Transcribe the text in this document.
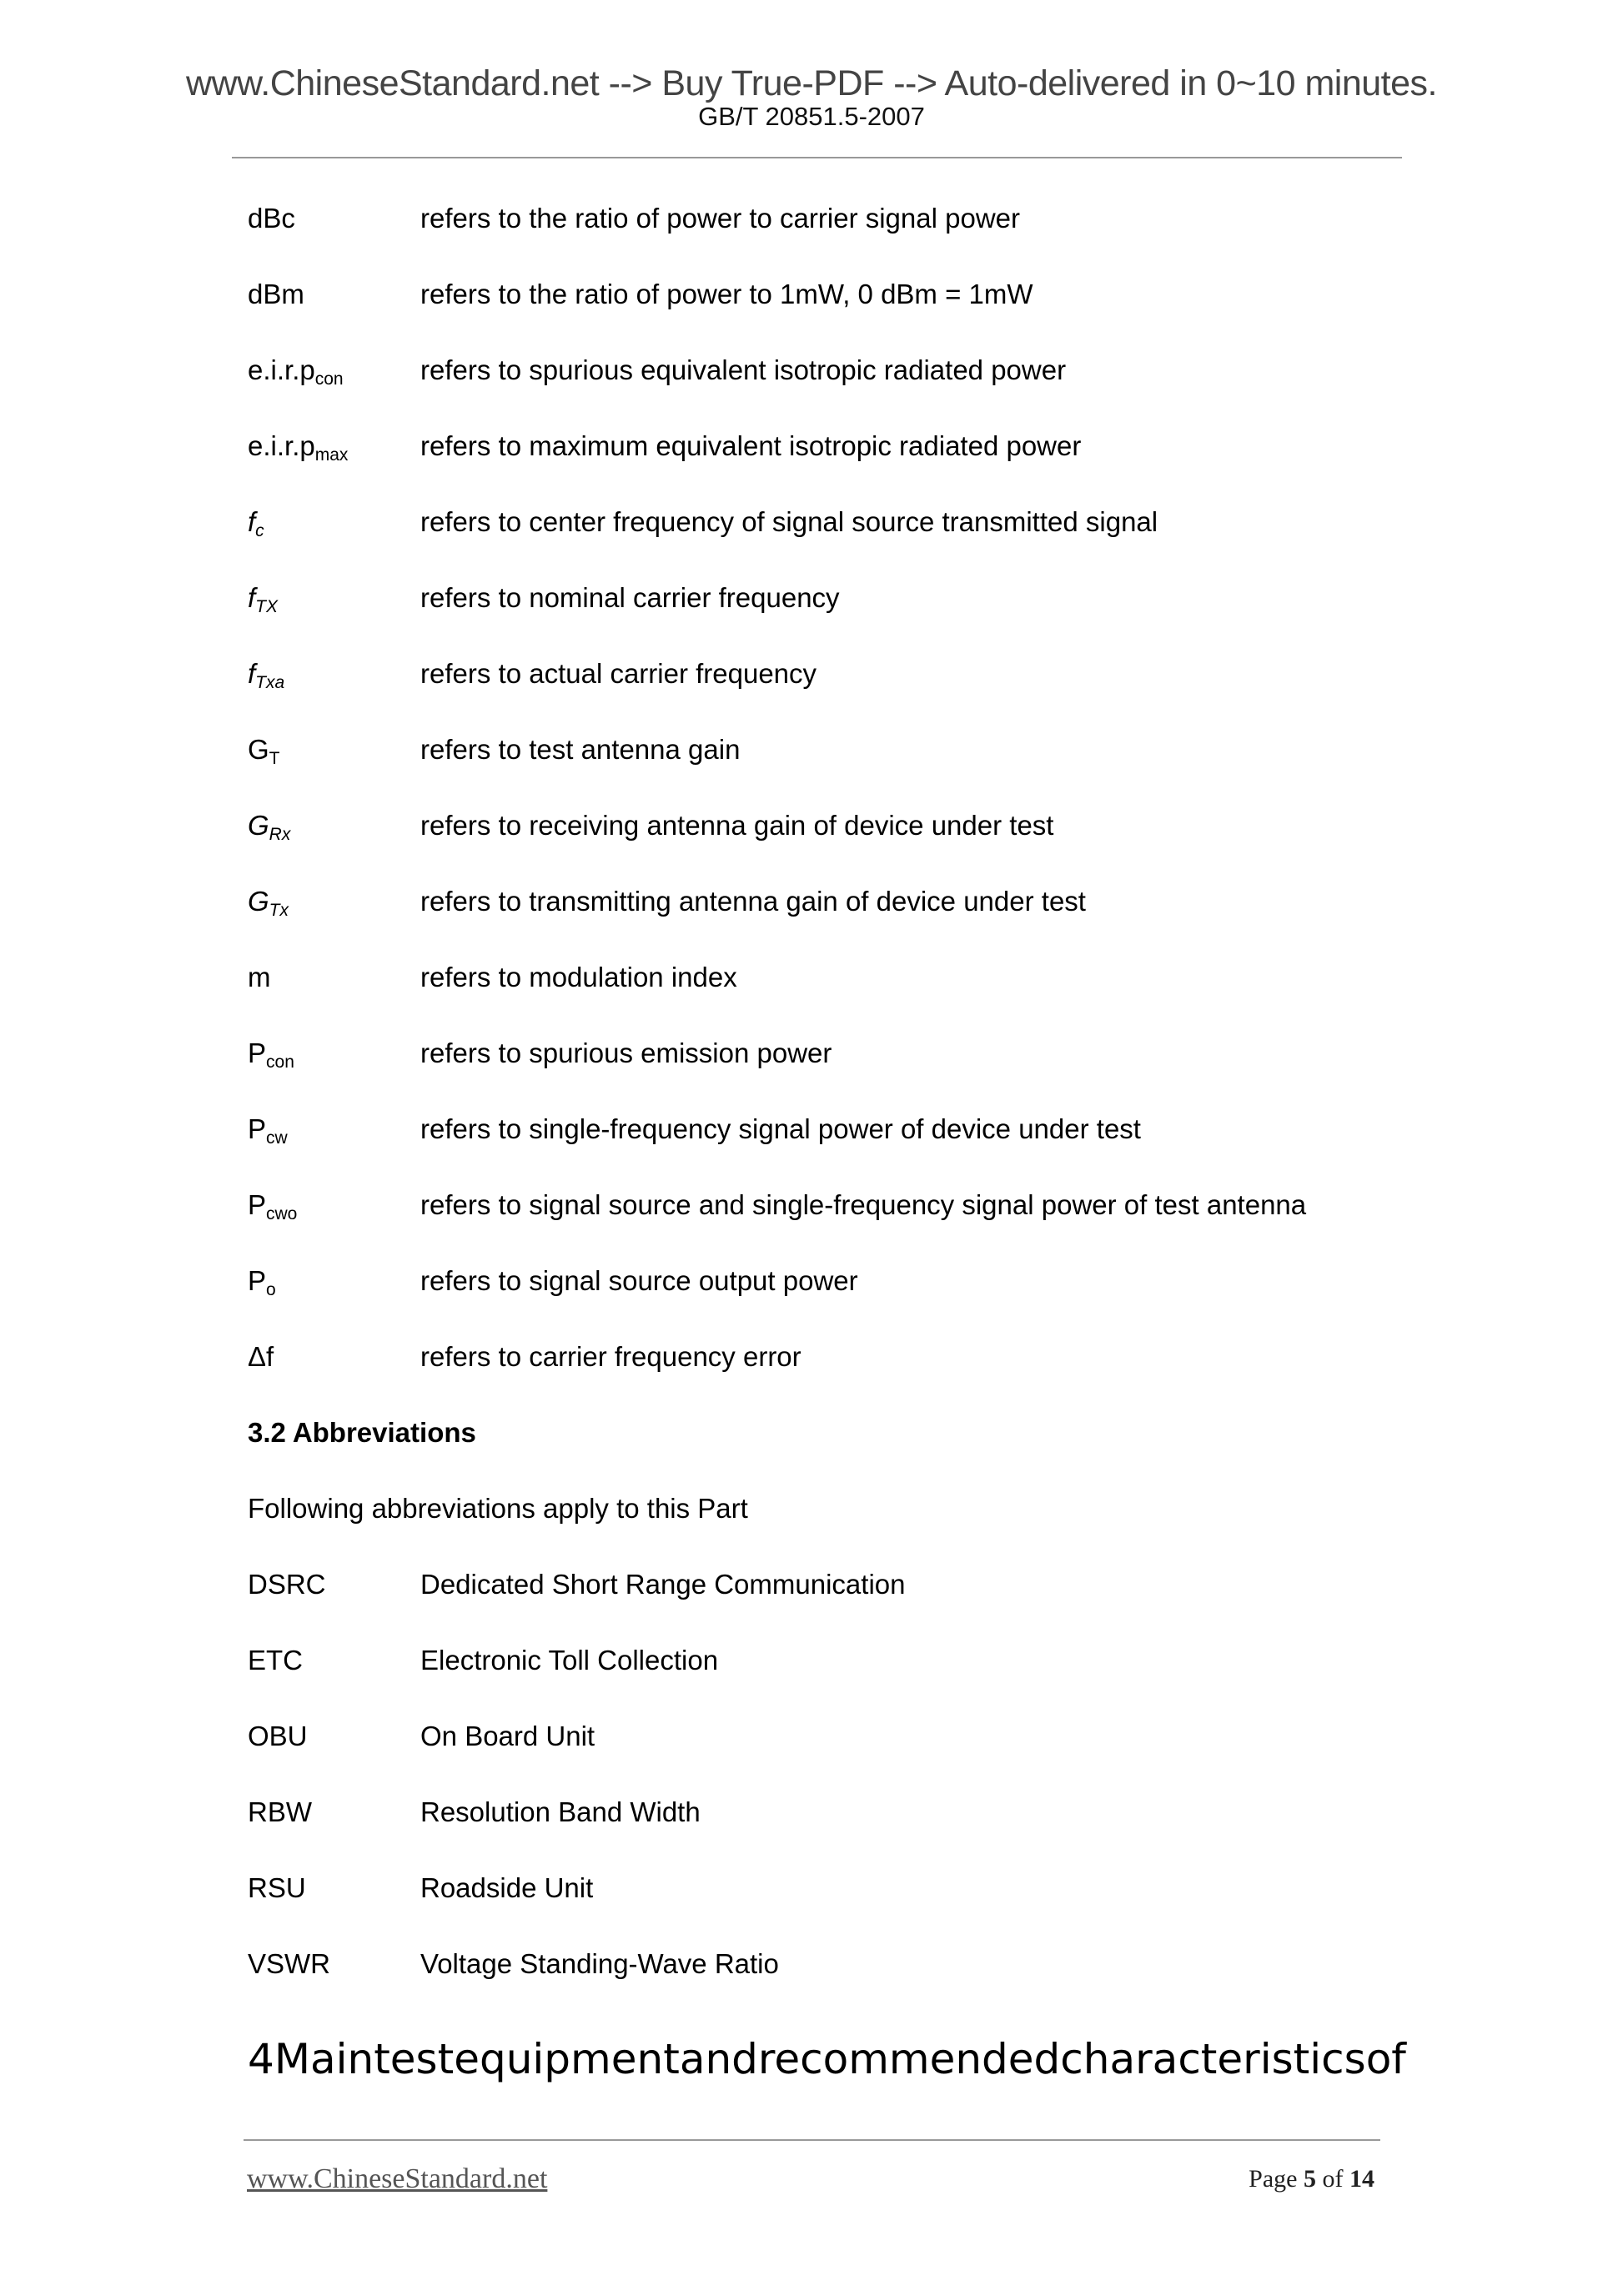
www.ChineseStandard.net --> Buy True-PDF --> Auto-delivered in 0~10 minutes.
GB/T 20851.5-2007
dBc	refers to the ratio of power to carrier signal power
dBm	refers to the ratio of power to 1mW, 0 dBm = 1mW
$e.i.r.p_{con}$	refers to spurious equivalent isotropic radiated power
$e.i.r.p_{max}$	refers to maximum equivalent isotropic radiated power
$f_c$	refers to center frequency of signal source transmitted signal
$f_{TX}$	refers to nominal carrier frequency
$f_{Txa}$	refers to actual carrier frequency
$G_T$	refers to test antenna gain
$G_{Rx}$	refers to receiving antenna gain of device under test
$G_{Tx}$	refers to transmitting antenna gain of device under test
m	refers to modulation index
$P_{con}$	refers to spurious emission power
$P_{cw}$	refers to single-frequency signal power of device under test
$P_{cwo}$	refers to signal source and single-frequency signal power of test antenna
$P_o$	refers to signal source output power
Δf	refers to carrier frequency error
3.2 Abbreviations
Following abbreviations apply to this Part
DSRC	Dedicated Short Range Communication
ETC	Electronic Toll Collection
OBU	On Board Unit
RBW	Resolution Band Width
RSU	Roadside Unit
VSWR	Voltage Standing-Wave Ratio
4 Main test equipment and recommended characteristics of
www.ChineseStandard.net	Page 5 of 14
